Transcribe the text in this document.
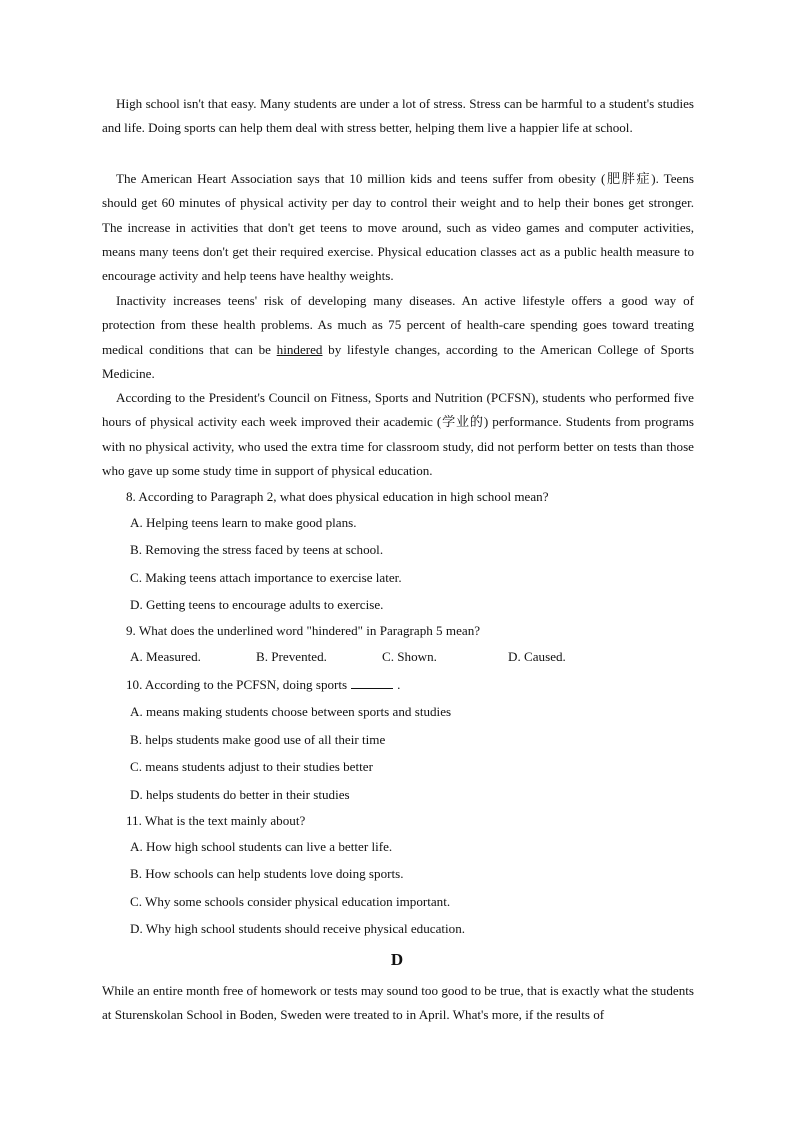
High school isn't that easy. Many students are under a lot of stress. Stress can be harmful to a student's studies and life. Doing sports can help them deal with stress better, helping them live a happier life at school.

The American Heart Association says that 10 million kids and teens suffer from obesity (肥胖症). Teens should get 60 minutes of physical activity per day to control their weight and to help their bones get stronger. The increase in activities that don't get teens to move around, such as video games and computer activities, means many teens don't get their required exercise. Physical education classes act as a public health measure to encourage activity and help teens have healthy weights.

Inactivity increases teens' risk of developing many diseases. An active lifestyle offers a good way of protection from these health problems. As much as 75 percent of health-care spending goes toward treating medical conditions that can be hindered by lifestyle changes, according to the American College of Sports Medicine.

According to the President's Council on Fitness, Sports and Nutrition (PCFSN), students who performed five hours of physical activity each week improved their academic (学业的) performance. Students from programs with no physical activity, who used the extra time for classroom study, did not perform better on tests than those who gave up some study time in support of physical education.

8. According to Paragraph 2, what does physical education in high school mean?

A. Helping teens learn to make good plans.

B. Removing the stress faced by teens at school.

C. Making teens attach importance to exercise later.

D. Getting teens to encourage adults to exercise.

9. What does the underlined word "hindered" in Paragraph 5 mean?

A. Measured.	B. Prevented.	C. Shown.	D. Caused.

10. According to the PCFSN, doing sports	.

A. means making students choose between sports and studies

B. helps students make good use of all their time

C. means students adjust to their studies better

D. helps students do better in their studies

11. What is the text mainly about?

A. How high school students can live a better life.

B. How schools can help students love doing sports.

C. Why some schools consider physical education important.

D. Why high school students should receive physical education.

D

While an entire month free of homework or tests may sound too good to be true, that is exactly what the students at Sturenskolan School in Boden, Sweden were treated to in April. What's more, if the results of
